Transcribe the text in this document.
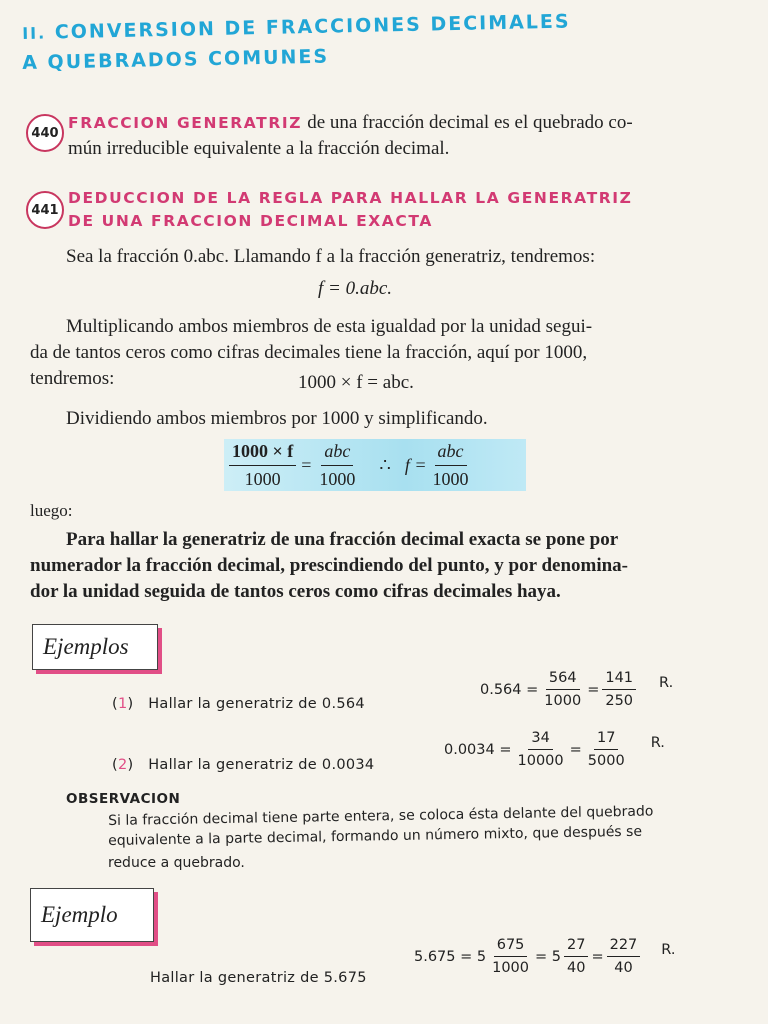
II. CONVERSION DE FRACCIONES DECIMALES
A QUEBRADOS COMUNES
440
FRACCION GENERATRIZ de una fracción decimal es el quebrado co-
mún irreducible equivalente a la fracción decimal.
441
DEDUCCION DE LA REGLA PARA HALLAR LA GENERATRIZ
DE UNA FRACCION DECIMAL EXACTA
Sea la fracción 0.abc. Llamando f a la fracción generatriz, tendremos:
f = 0.abc.
Multiplicando ambos miembros de esta igualdad por la unidad segui-
da de tantos ceros como cifras decimales tiene la fracción, aquí por 1000,
tendremos:	1000 × f = abc.
Dividiendo ambos miembros por 1000 y simplificando.
$\frac{1000 \times f}{1000} = \frac{\text{abc}}{1000}$ ∴ $f = \frac{\text{abc}}{1000}$
luego:
Para hallar la generatriz de una fracción decimal exacta se pone por
numerador la fracción decimal, prescindiendo del punto, y por denomina-
dor la unidad seguida de tantos ceros como cifras decimales haya.
Ejemplos
(1)   Hallar la generatriz de 0.564
$0.564 = \frac{564}{1000} = \frac{141}{250} R$.
(2)   Hallar la generatriz de 0.0034
$0.0034 = \frac{34}{10000} = \frac{17}{5000} R$.
OBSERVACION
Si la fracción decimal tiene parte entera, se coloca ésta delante del quebrado
equivalente a la parte decimal, formando un número mixto, que después se
reduce a quebrado.
Ejemplo
Hallar la generatriz de 5.675
$5.675 = 5 \frac{675}{1000} = 5 \frac{27}{40} = \frac{227}{40} R$.
